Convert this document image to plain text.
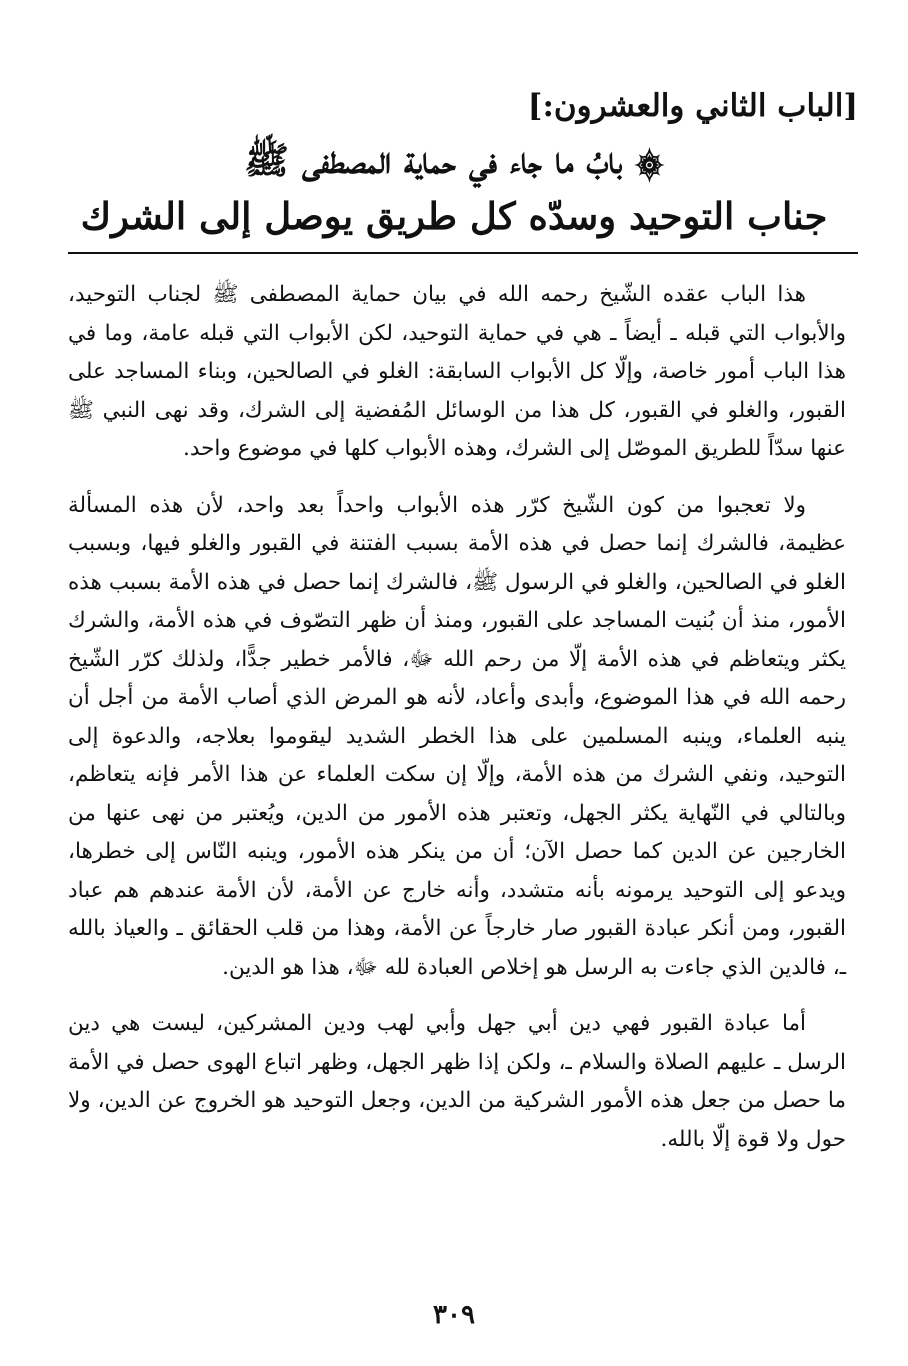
[الباب الثاني والعشرون:]
۞ بابُ ما جاء في حماية المصطفى ﷺ
جناب التوحيد وسدّه كل طريق يوصل إلى الشرك

هذا الباب عقده الشّيخ رحمه الله في بيان حماية المصطفى ﷺ لجناب التوحيد، والأبواب التي قبله ـ أيضاً ـ هي في حماية التوحيد، لكن الأبواب التي قبله عامة، وما في هذا الباب أمور خاصة، وإلّا كل الأبواب السابقة: الغلو في الصالحين، وبناء المساجد على القبور، والغلو في القبور، كل هذا من الوسائل المُفضية إلى الشرك، وقد نهى النبي ﷺ عنها سدّاً للطريق الموصّل إلى الشرك، وهذه الأبواب كلها في موضوع واحد.

ولا تعجبوا من كون الشّيخ كرّر هذه الأبواب واحداً بعد واحد، لأن هذه المسألة عظيمة، فالشرك إنما حصل في هذه الأمة بسبب الفتنة في القبور والغلو فيها، وبسبب الغلو في الصالحين، والغلو في الرسول ﷺ، فالشرك إنما حصل في هذه الأمة بسبب هذه الأمور، منذ أن بُنيت المساجد على القبور، ومنذ أن ظهر التصّوف في هذه الأمة، والشرك يكثر ويتعاظم في هذه الأمة إلّا من رحم الله ﷻ، فالأمر خطير جدًّا، ولذلك كرّر الشّيخ رحمه الله في هذا الموضوع، وأبدى وأعاد، لأنه هو المرض الذي أصاب الأمة من أجل أن ينبه العلماء، وينبه المسلمين على هذا الخطر الشديد ليقوموا بعلاجه، والدعوة إلى التوحيد، ونفي الشرك من هذه الأمة، وإلّا إن سكت العلماء عن هذا الأمر فإنه يتعاظم، وبالتالي في النّهاية يكثر الجهل، وتعتبر هذه الأمور من الدين، ويُعتبر من نهى عنها من الخارجين عن الدين كما حصل الآن؛ أن من ينكر هذه الأمور، وينبه النّاس إلى خطرها، ويدعو إلى التوحيد يرمونه بأنه متشدد، وأنه خارج عن الأمة، لأن الأمة عندهم هم عباد القبور، ومن أنكر عبادة القبور صار خارجاً عن الأمة، وهذا من قلب الحقائق ـ والعياذ بالله ـ، فالدين الذي جاءت به الرسل هو إخلاص العبادة لله ﷻ، هذا هو الدين.

أما عبادة القبور فهي دين أبي جهل وأبي لهب ودين المشركين، ليست هي دين الرسل ـ عليهم الصلاة والسلام ـ، ولكن إذا ظهر الجهل، وظهر اتباع الهوى حصل في الأمة ما حصل من جعل هذه الأمور الشركية من الدين، وجعل التوحيد هو الخروج عن الدين، ولا حول ولا قوة إلّا بالله.

٣٠٩
